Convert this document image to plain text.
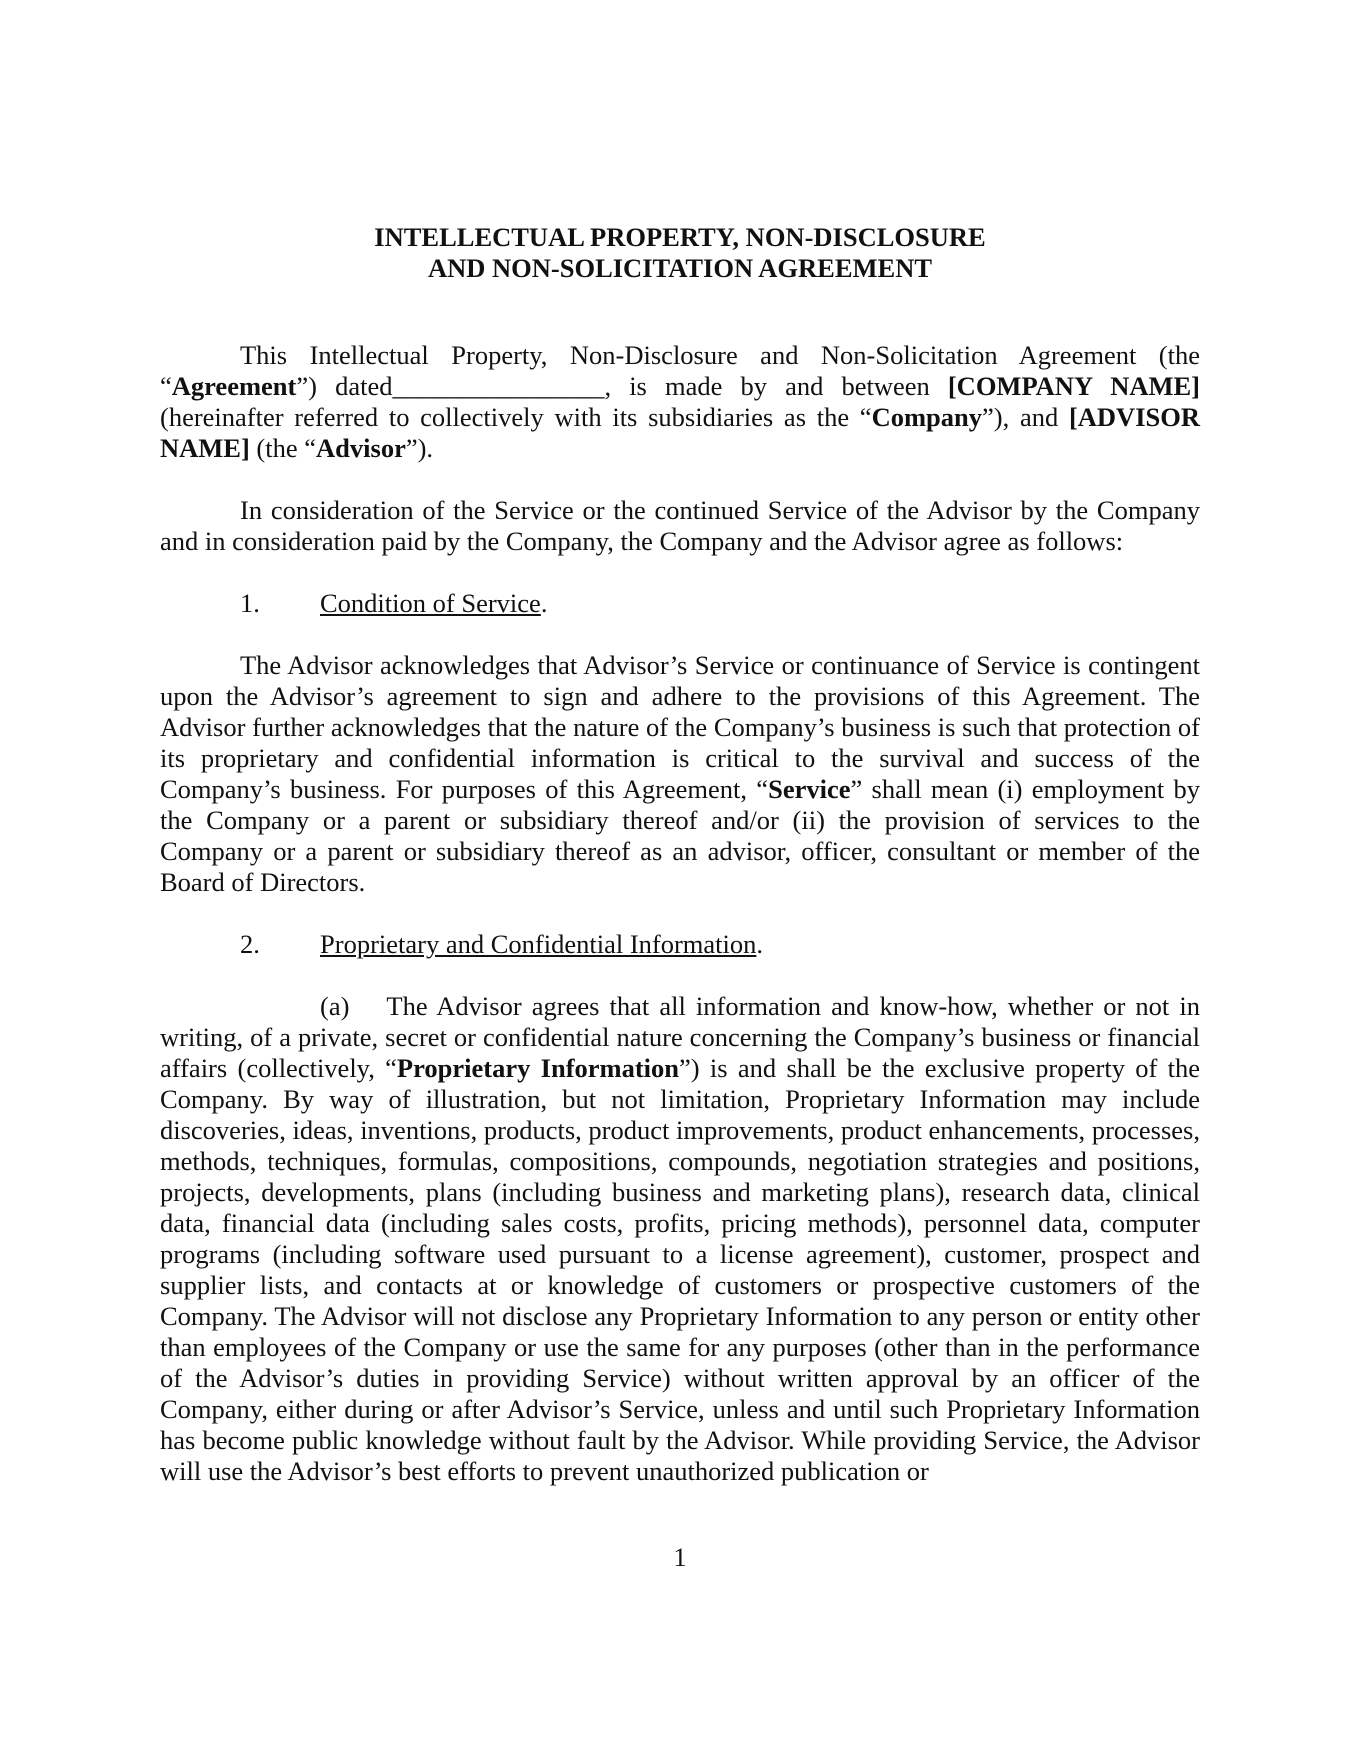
INTELLECTUAL PROPERTY, NON-DISCLOSURE
AND NON-SOLICITATION AGREEMENT

This Intellectual Property, Non-Disclosure and Non-Solicitation Agreement (the “Agreement”) dated________________, is made by and between [COMPANY NAME] (hereinafter referred to collectively with its subsidiaries as the “Company”), and [ADVISOR NAME] (the “Advisor”).

In consideration of the Service or the continued Service of the Advisor by the Company and in consideration paid by the Company, the Company and the Advisor agree as follows:

1. Condition of Service.

The Advisor acknowledges that Advisor’s Service or continuance of Service is contingent upon the Advisor’s agreement to sign and adhere to the provisions of this Agreement. The Advisor further acknowledges that the nature of the Company’s business is such that protection of its proprietary and confidential information is critical to the survival and success of the Company’s business. For purposes of this Agreement, “Service” shall mean (i) employment by the Company or a parent or subsidiary thereof and/or (ii) the provision of services to the Company or a parent or subsidiary thereof as an advisor, officer, consultant or member of the Board of Directors.

2. Proprietary and Confidential Information.

(a) The Advisor agrees that all information and know-how, whether or not in writing, of a private, secret or confidential nature concerning the Company’s business or financial affairs (collectively, “Proprietary Information”) is and shall be the exclusive property of the Company. By way of illustration, but not limitation, Proprietary Information may include discoveries, ideas, inventions, products, product improvements, product enhancements, processes, methods, techniques, formulas, compositions, compounds, negotiation strategies and positions, projects, developments, plans (including business and marketing plans), research data, clinical data, financial data (including sales costs, profits, pricing methods), personnel data, computer programs (including software used pursuant to a license agreement), customer, prospect and supplier lists, and contacts at or knowledge of customers or prospective customers of the Company. The Advisor will not disclose any Proprietary Information to any person or entity other than employees of the Company or use the same for any purposes (other than in the performance of the Advisor’s duties in providing Service) without written approval by an officer of the Company, either during or after Advisor’s Service, unless and until such Proprietary Information has become public knowledge without fault by the Advisor. While providing Service, the Advisor will use the Advisor’s best efforts to prevent unauthorized publication or

1
